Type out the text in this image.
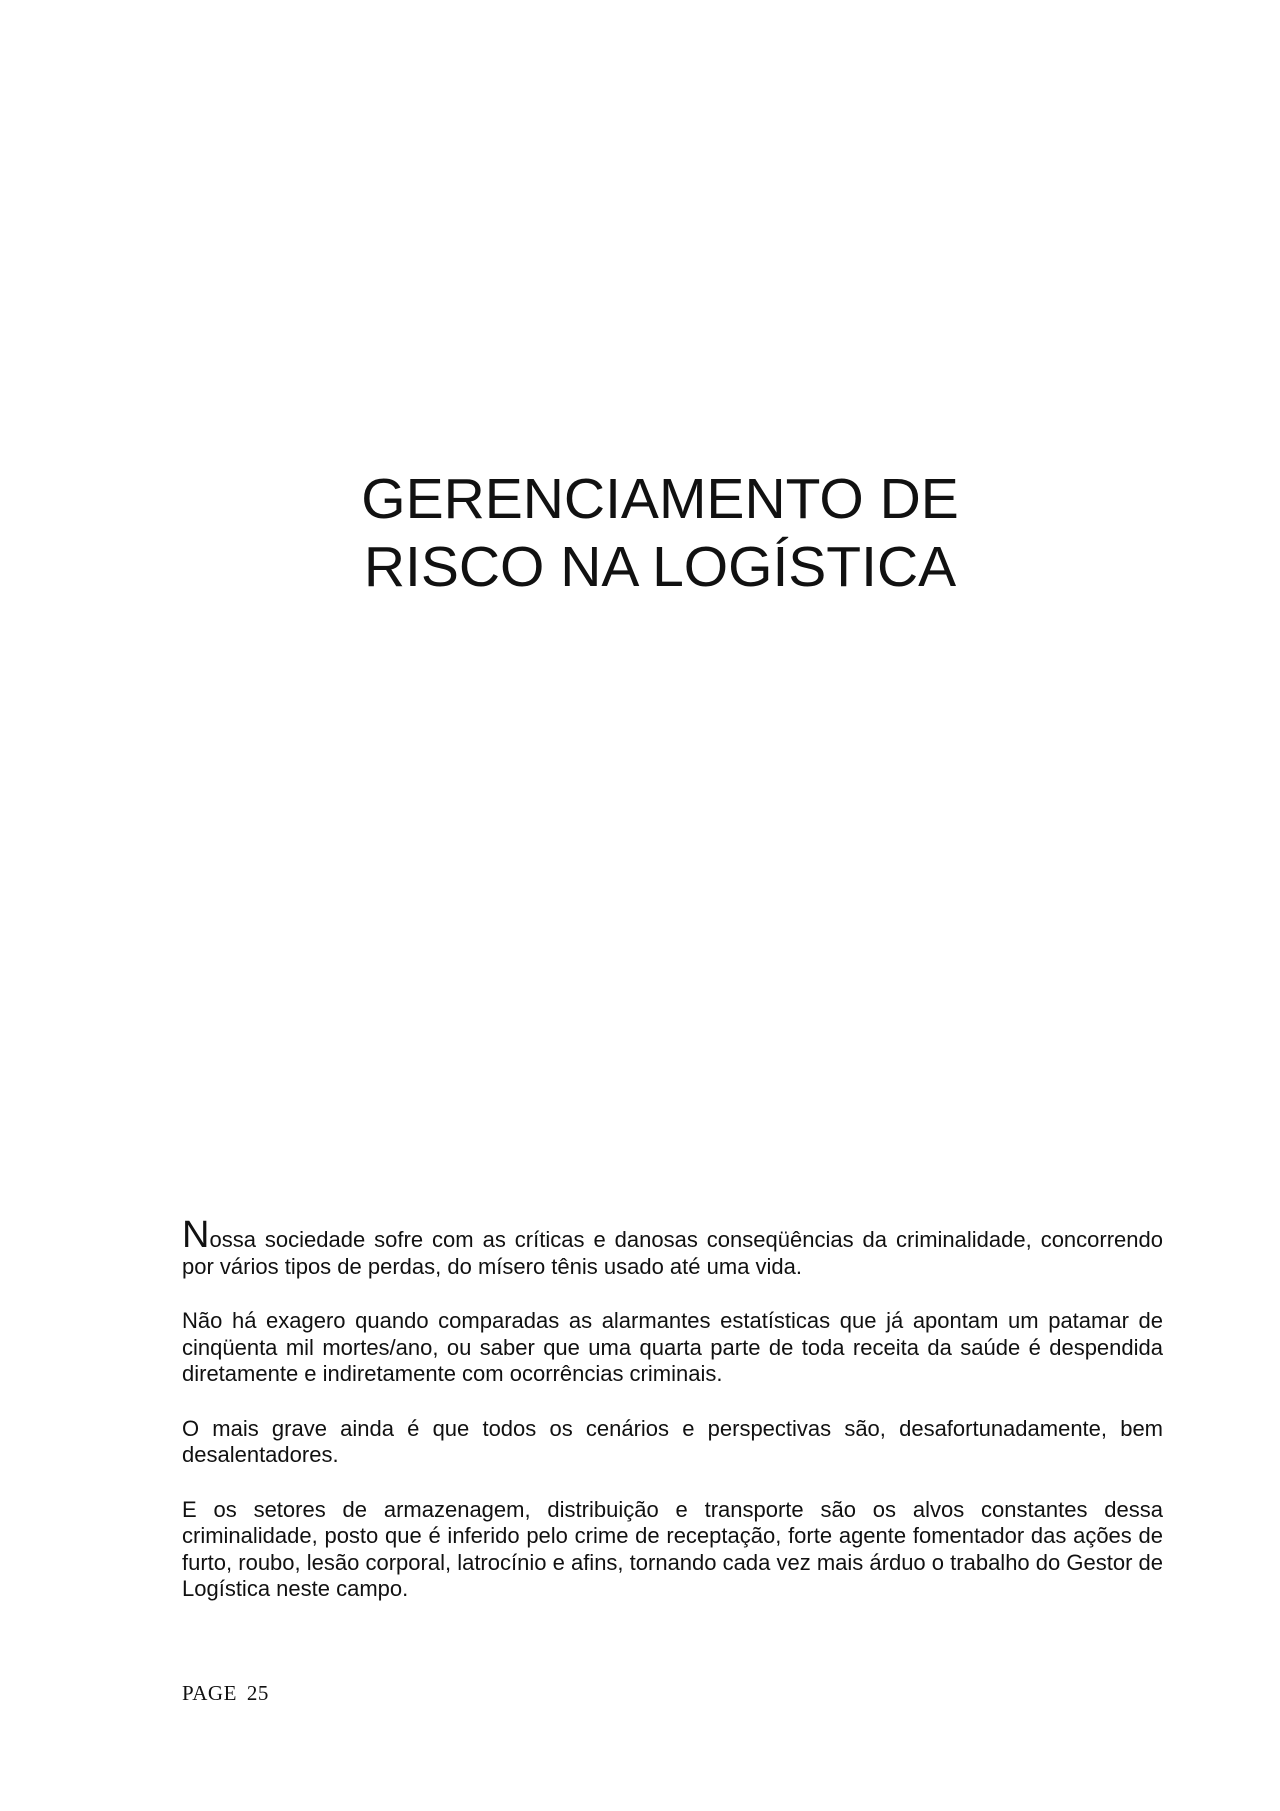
GERENCIAMENTO DE
RISCO NA LOGÍSTICA

Nossa sociedade sofre com as críticas e danosas conseqüências da criminalidade, concorrendo por vários tipos de perdas, do mísero tênis usado até uma vida.

Não há exagero quando comparadas as alarmantes estatísticas que já apontam um patamar de cinqüenta mil mortes/ano, ou saber que uma quarta parte de toda receita da saúde é despendida diretamente e indiretamente com ocorrências criminais.

O mais grave ainda é que todos os cenários e perspectivas são, desafortunadamente, bem desalentadores.

E os setores de armazenagem, distribuição e transporte são os alvos constantes dessa criminalidade, posto que é inferido pelo crime de receptação, forte agente fomentador das ações de furto, roubo, lesão corporal, latrocínio e afins, tornando cada vez mais árduo o trabalho do Gestor de Logística neste campo.

PAGE 25
